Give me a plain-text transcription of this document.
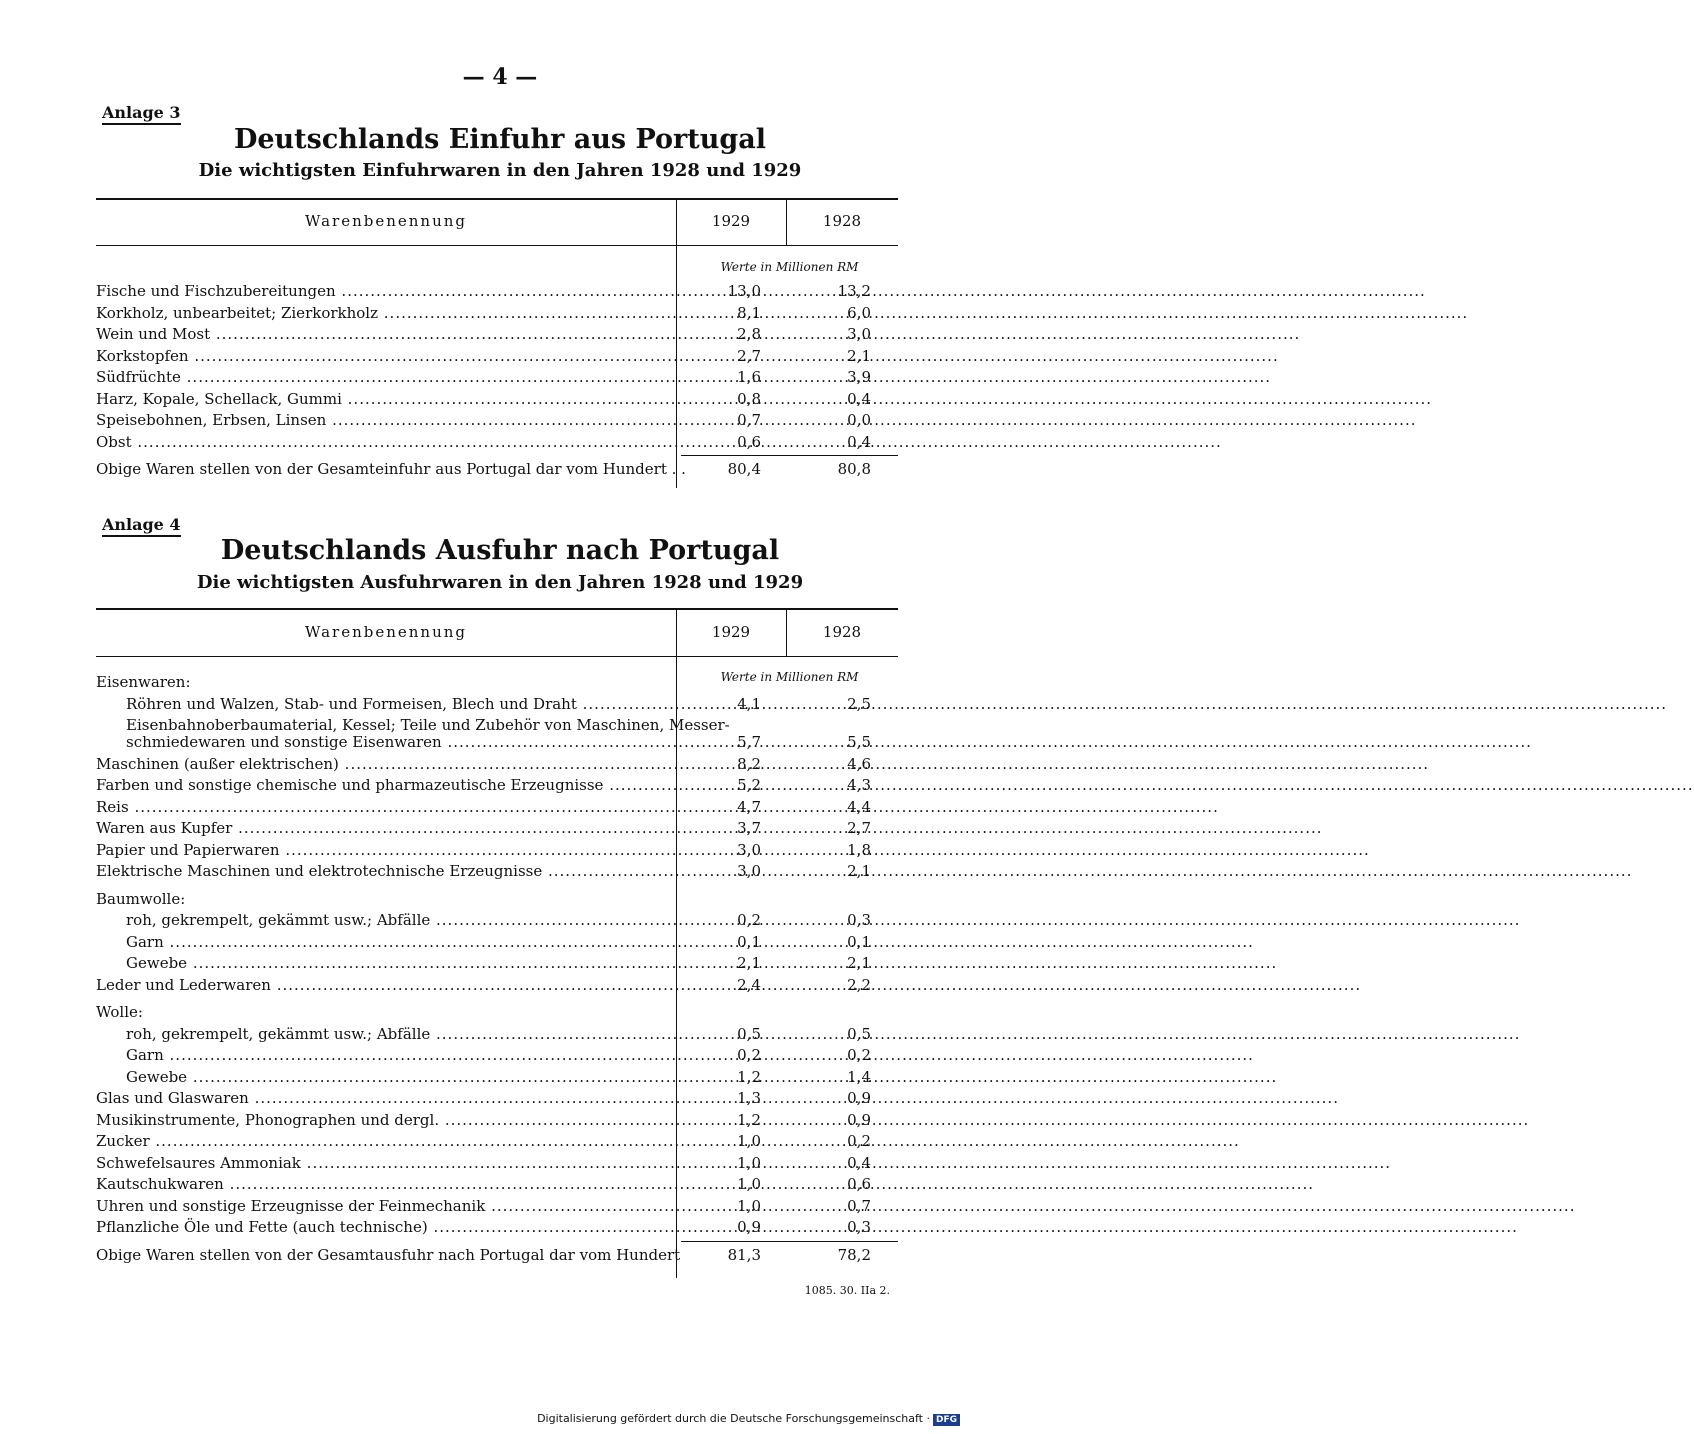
— 4 —
Anlage 3
Deutschlands Einfuhr aus Portugal
Die wichtigsten Einfuhrwaren in den Jahren 1928 und 1929
Warenbenennung	1929	1928
Werte in Millionen RM
Fische und Fischzubereitungen .....	13,0	13,2
Korkholz, unbearbeitet; Zierkorkholz .....	8,1	6,0
Wein und Most .....	2,8	3,0
Korkstopfen .....	2,7	2,1
Südfrüchte .....	1,6	3,9
Harz, Kopale, Schellack, Gummi .....	0,8	0,4
Speisebohnen, Erbsen, Linsen .....	0,7	0,0
Obst .....	0,6	0,4
Obige Waren stellen von der Gesamteinfuhr aus Portugal dar vom Hundert . .	80,4	80,8
Anlage 4
Deutschlands Ausfuhr nach Portugal
Die wichtigsten Ausfuhrwaren in den Jahren 1928 und 1929
Warenbenennung	1929	1928
Werte in Millionen RM
Eisenwaren:
Röhren und Walzen, Stab- und Formeisen, Blech und Draht .....	4,1	2,5
Eisenbahnoberbaumaterial, Kessel; Teile und Zubehör von Maschinen, Messer-
schmiedewaren und sonstige Eisenwaren .....	5,7	5,5
Maschinen (außer elektrischen) .....	8,2	4,6
Farben und sonstige chemische und pharmazeutische Erzeugnisse .....	5,2	4,3
Reis .....	4,7	4,4
Waren aus Kupfer .....	3,7	2,7
Papier und Papierwaren .....	3,0	1,8
Elektrische Maschinen und elektrotechnische Erzeugnisse .....	3,0	2,1
Baumwolle:
roh, gekrempelt, gekämmt usw.; Abfälle .....	0,2	0,3
Garn .....	0,1	0,1
Gewebe .....	2,1	2,1
Leder und Lederwaren .....	2,4	2,2
Wolle:
roh, gekrempelt, gekämmt usw.; Abfälle .....	0,5	0,5
Garn .....	0,2	0,2
Gewebe .....	1,2	1,4
Glas und Glaswaren .....	1,3	0,9
Musikinstrumente, Phonographen und dergl. .....	1,2	0,9
Zucker .....	1,0	0,2
Schwefelsaures Ammoniak .....	1,0	0,4
Kautschukwaren .....	1,0	0,6
Uhren und sonstige Erzeugnisse der Feinmechanik .....	1,0	0,7
Pflanzliche Öle und Fette (auch technische) .....	0,9	0,3
Obige Waren stellen von der Gesamtausfuhr nach Portugal dar vom Hundert	81,3	78,2
1085. 30. IIa 2.
Digitalisierung gefördert durch die Deutsche Forschungsgemeinschaft · DFG
